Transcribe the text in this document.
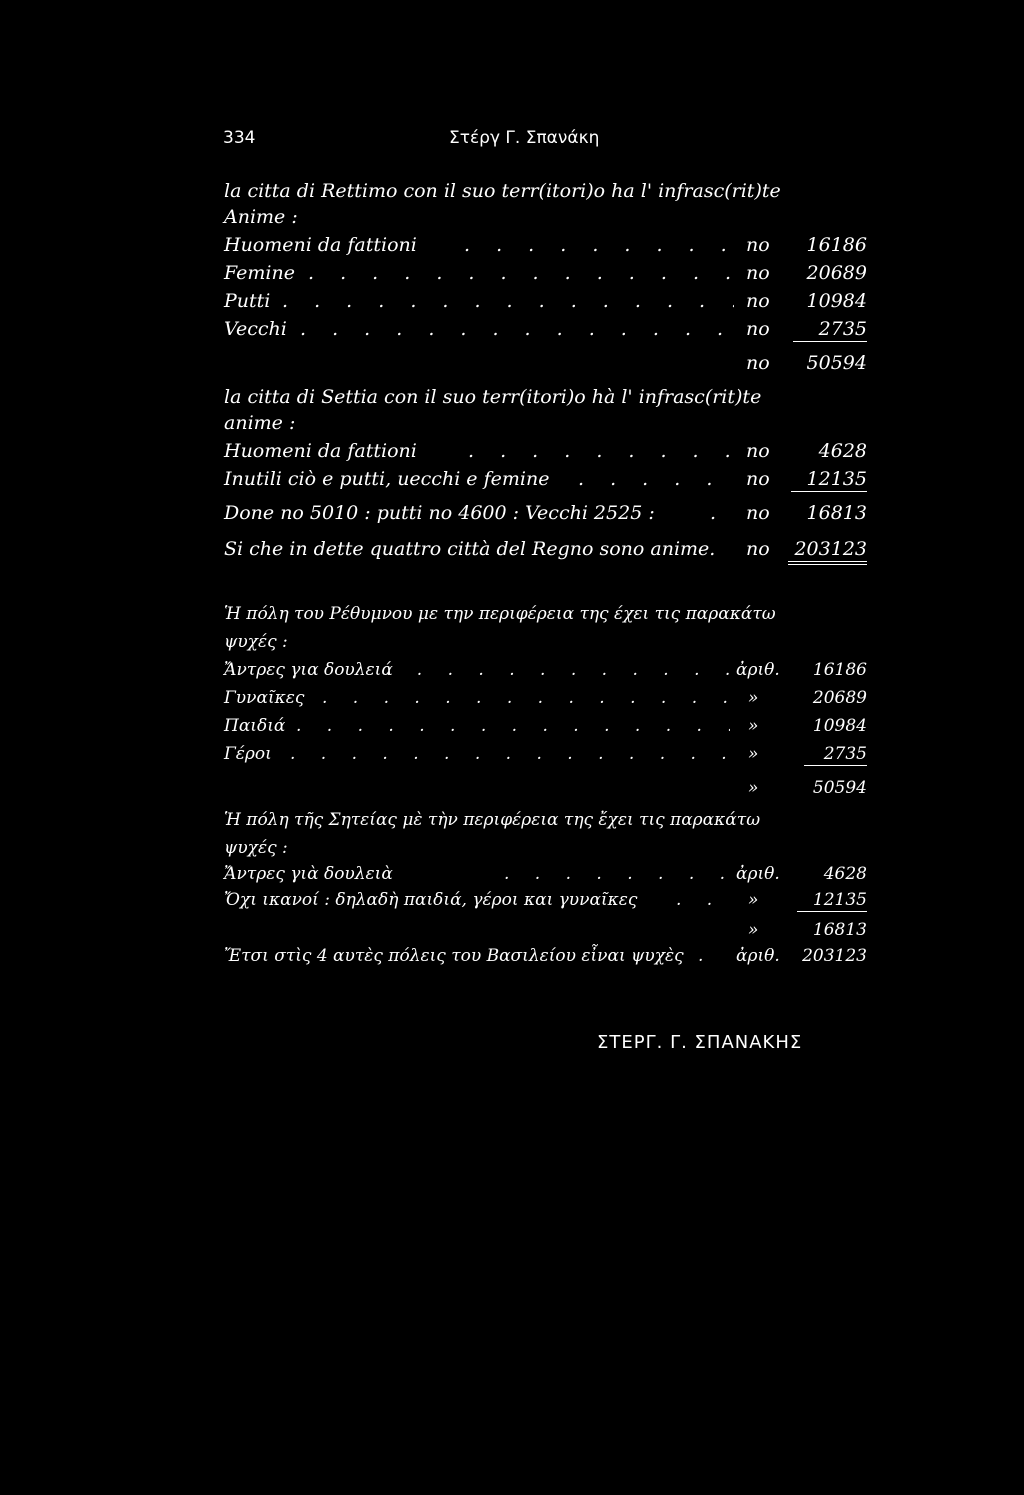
334	Στέργ Γ. Σπανάκη
la citta di Rettimo con il suo terr(itori)o ha l' infrasc(rit)te
Anime :
Huomeni da fattioni . . .	no 16186
Femine . . .	no 20689
Putti . . .	no 10984
Vecchi . . .	no	2735
no 50594
la citta di Settia con il suo terr(itori)o hà l' infrasc(rit)te
anime :
Huomeni da fattioni . . .	no	4628
Inutili ciò e putti, uecchi e femine . . .	no	12135
Done no 5010 : putti no 4600 : Vecchi 2525 : . . .	no 16813
Si che in dette quattro città del Regno sono anime. no	203123
Ἡ πόλη του Ρέθυμνου με την περιφέρεια της έχει τις παρακάτω
ψυχές :
Ἄντρες για δουλειά . . .	ἀριθ. 16186
Γυναῖκες . . .	»	20689
Παιδιά . . .	»	10984
Γέροι . . .	»	2735
»	50594
Ἡ πόλη τῆς Σητείας μὲ τὴν περιφέρεια της ἔχει τις παρακάτω
ψυχές :
Ἄντρες γιὰ δουλειὰ . . .	ἀριθ.	4628
Ὄχι ικανοί : δηλαδὴ παιδιά, γέροι και γυναῖκες . . .	»	12135
»	16813
Ἔτσι στὶς 4 αυτὲς πόλεις του Βασιλείου εἶναι ψυχὲς . . .	ἀριθ. 203123
ΣΤΕΡΓ. Γ. ΣΠΑΝΑΚΗΣ
